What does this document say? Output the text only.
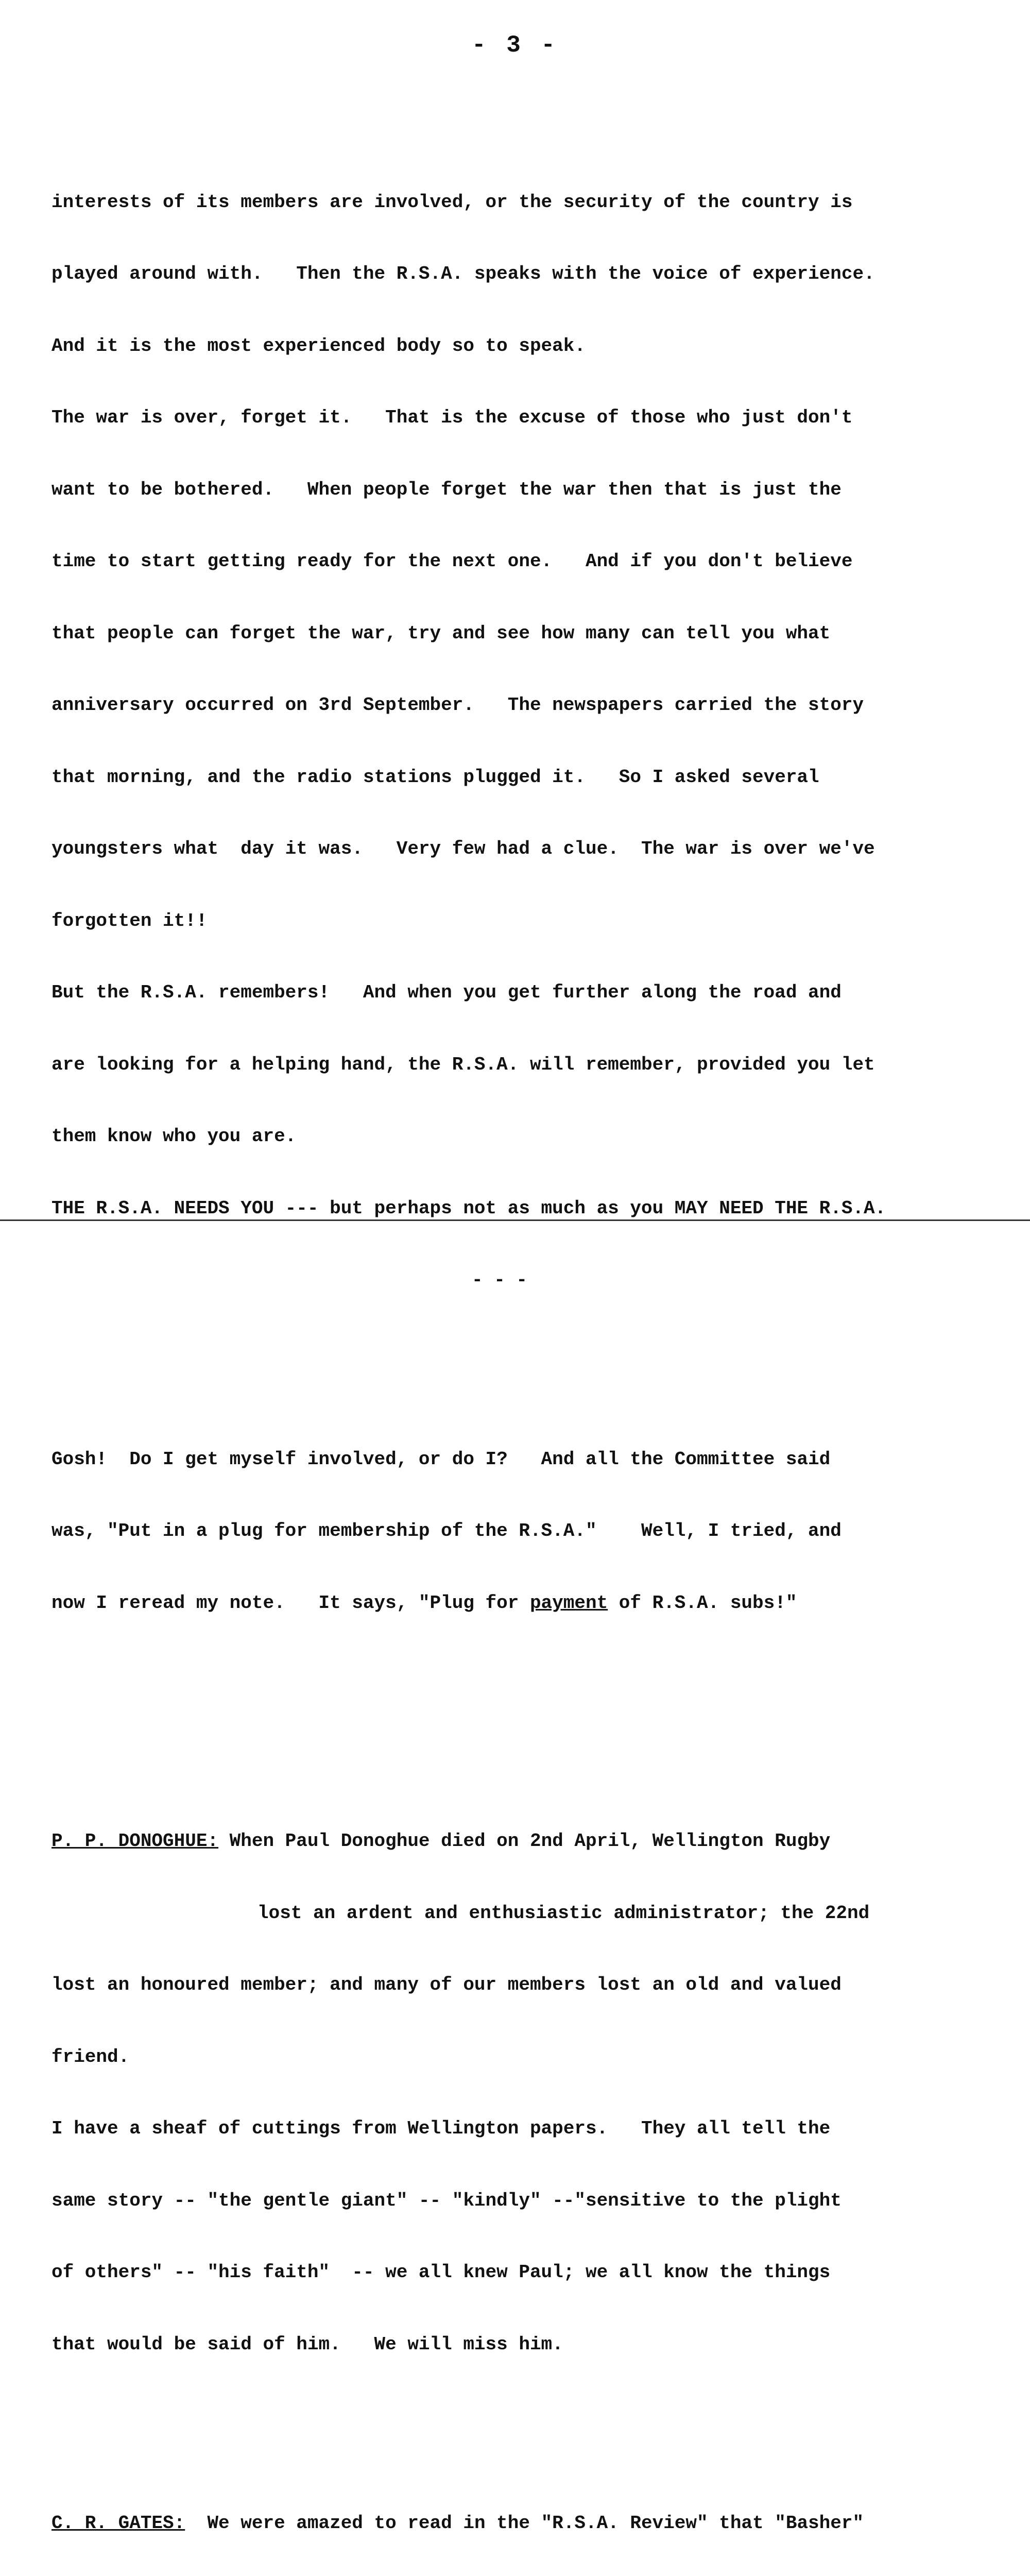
- 3 -

interests of its members are involved, or the security of the country is

played around with.   Then the R.S.A. speaks with the voice of experience.

And it is the most experienced body so to speak.

The war is over, forget it.   That is the excuse of those who just don't

want to be bothered.   When people forget the war then that is just the

time to start getting ready for the next one.   And if you don't believe

that people can forget the war, try and see how many can tell you what

anniversary occurred on 3rd September.   The newspapers carried the story

that morning, and the radio stations plugged it.   So I asked several

youngsters what  day it was.   Very few had a clue.  The war is over we've

forgotten it!!

But the R.S.A. remembers!   And when you get further along the road and

are looking for a helping hand, the R.S.A. will remember, provided you let

them know who you are.

THE R.S.A. NEEDS YOU --- but perhaps not as much as you MAY NEED THE R.S.A.

- - -

Gosh!  Do I get myself involved, or do I?   And all the Committee said

was, "Put in a plug for membership of the R.S.A."    Well, I tried, and

now I reread my note.   It says, "Plug for payment of R.S.A. subs!"

P. P. DONOGHUE: When Paul Donoghue died on 2nd April, Wellington Rugby

lost an ardent and enthusiastic administrator; the 22nd

lost an honoured member; and many of our members lost an old and valued

friend.

I have a sheaf of cuttings from Wellington papers.   They all tell the

same story -- "the gentle giant" -- "kindly" --"sensitive to the plight

of others" -- "his faith"  -- we all knew Paul; we all know the things

that would be said of him.   We will miss him.

C. R. GATES:  We were amazed to read in the "R.S.A. Review" that "Basher"
